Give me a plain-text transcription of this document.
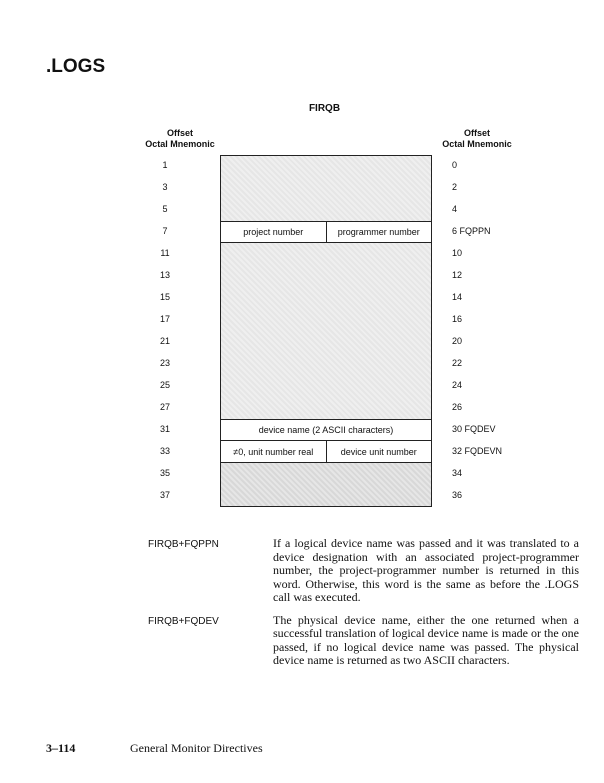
.LOGS
FIRQB
Offset
Octal Mnemonic
Offset
Octal Mnemonic
project number	programmer number
device name (2 ASCII characters)
≠0, unit number real	device unit number
1	0
3	2
5	4
7	6 FQPPN
11	10
13	12
15	14
17	16
21	20
23	22
25	24
27	26
31	30 FQDEV
33	32 FQDEVN
35	34
37	36
FIRQB+FQPPN	If a logical device name was passed and it was translated to a device designation with an associated project-programmer number, the project-programmer number is returned in this word. Otherwise, this word is the same as before the .LOGS call was executed.
FIRQB+FQDEV	The physical device name, either the one returned when a successful translation of logical device name is made or the one passed, if no logical device name was passed. The physical device name is returned as two ASCII characters.
3–114	General Monitor Directives
